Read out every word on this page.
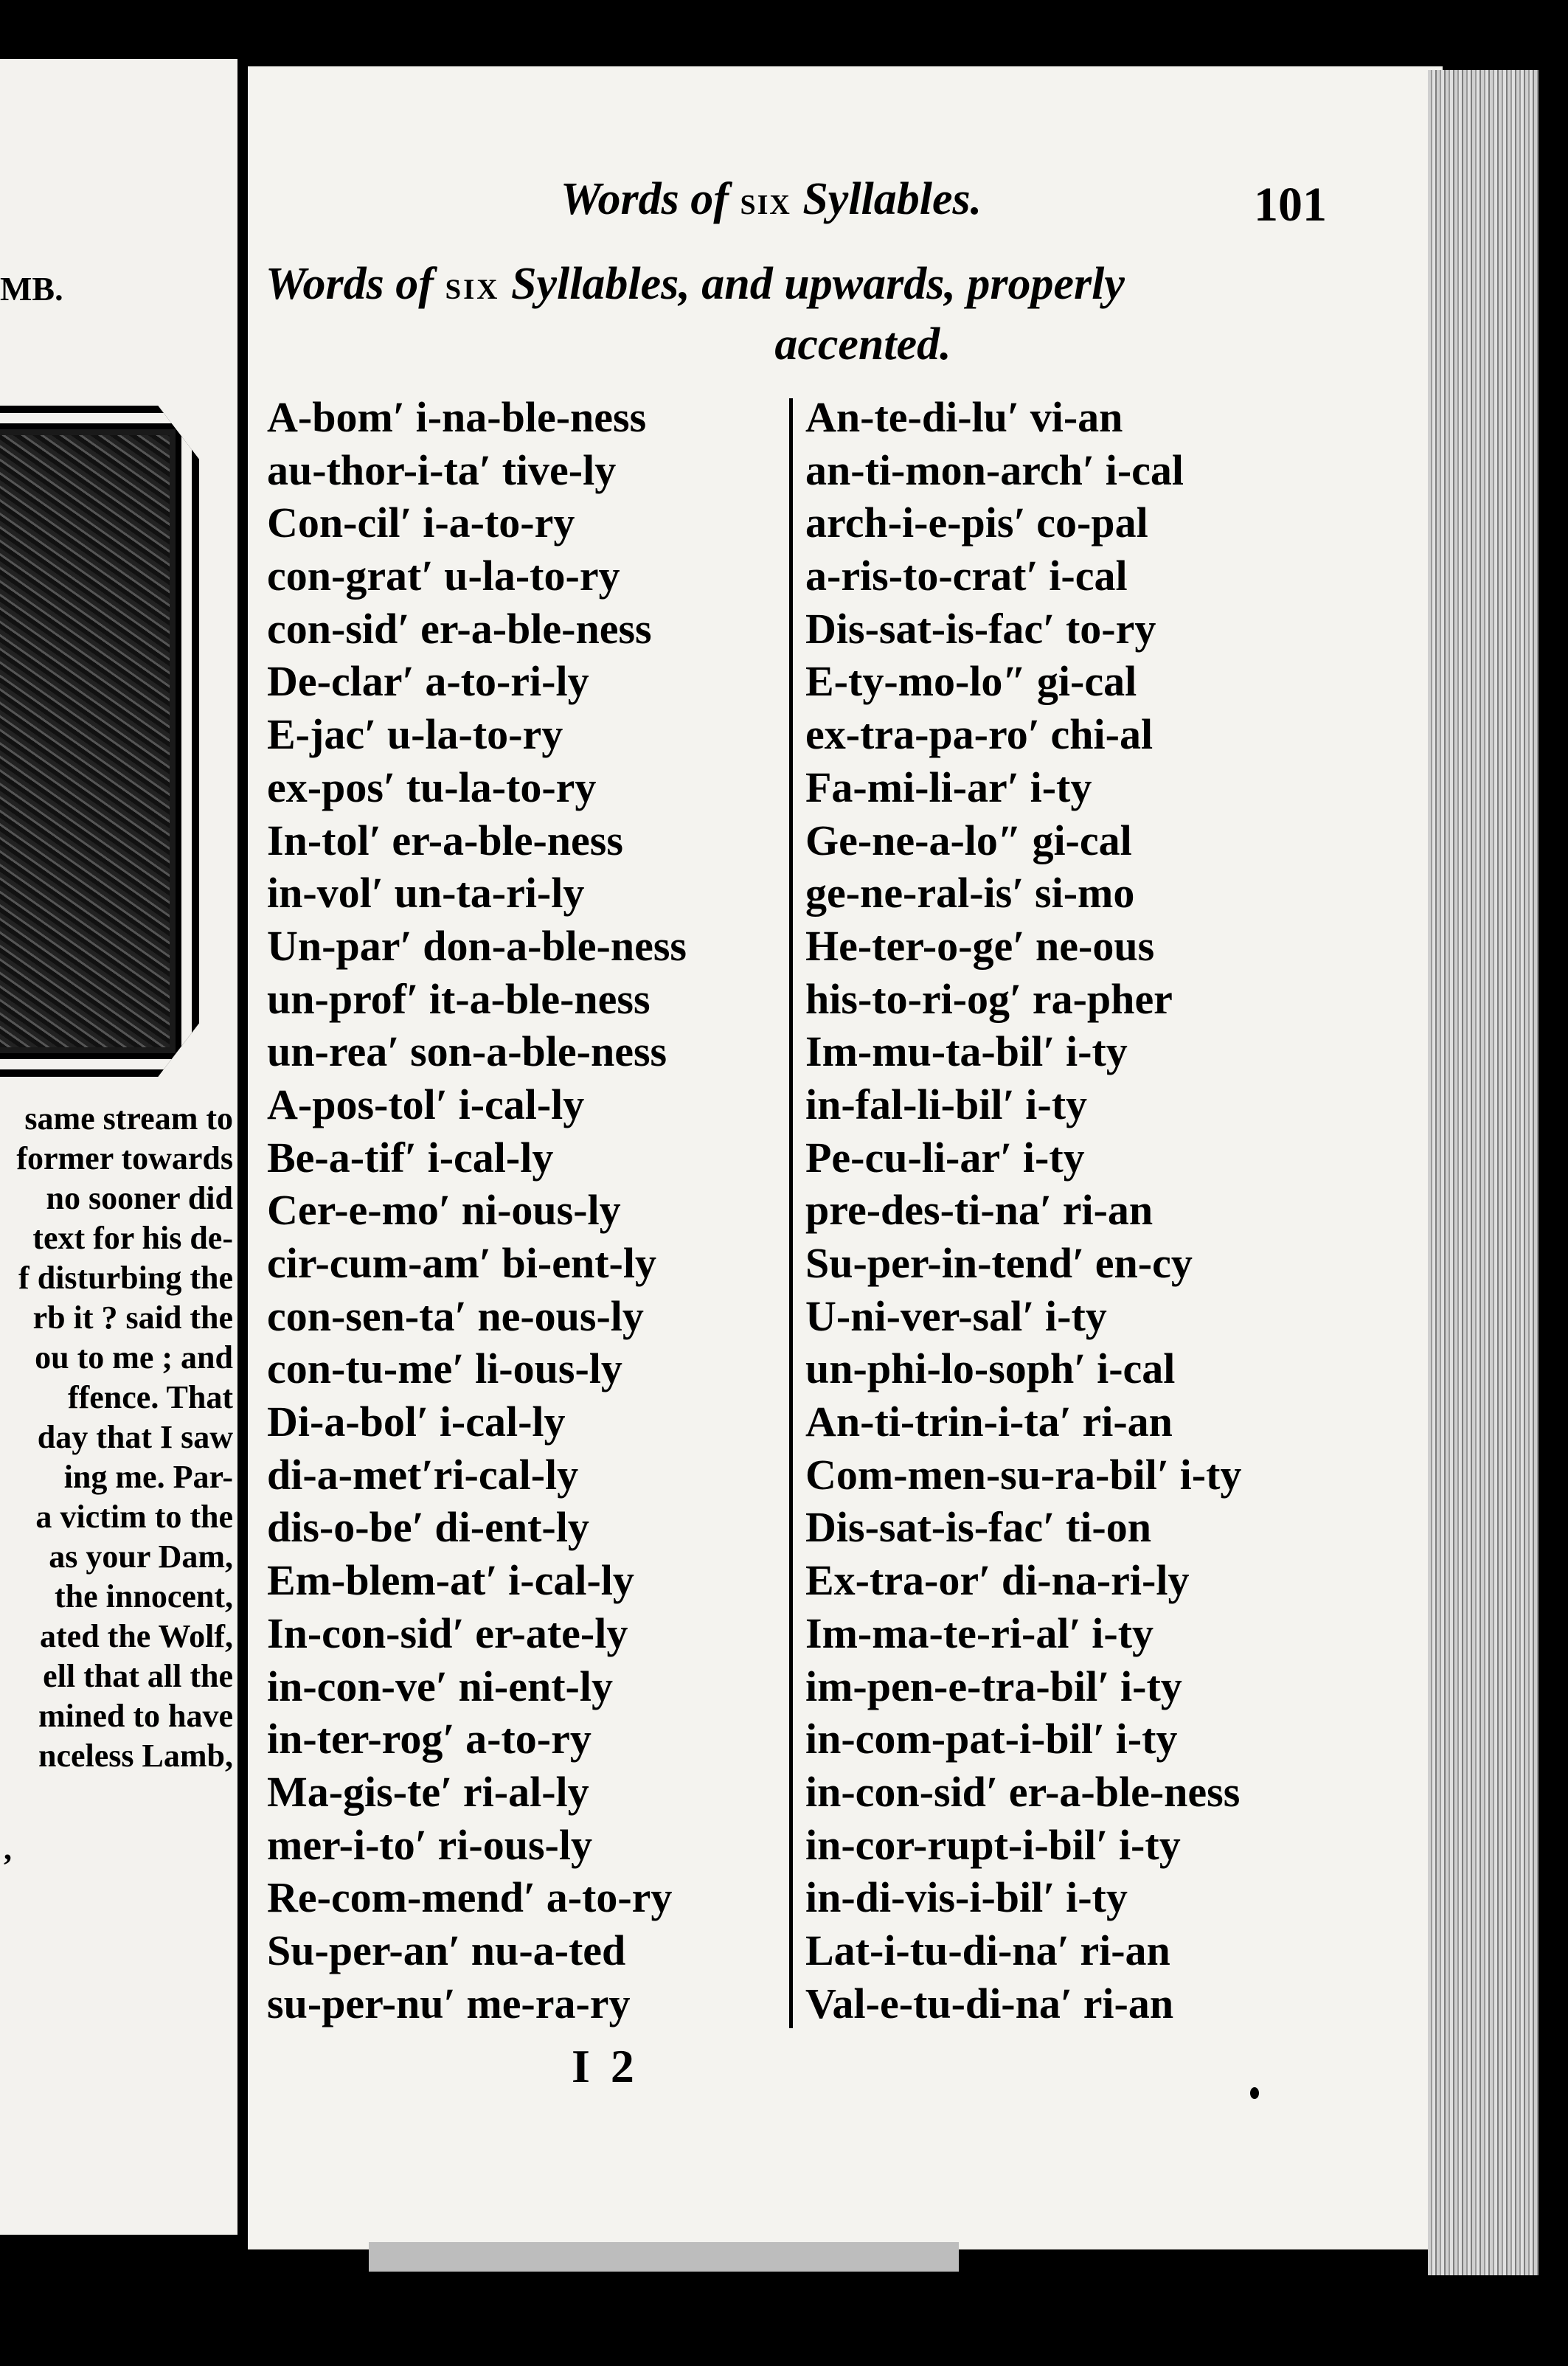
MB.
same stream to
former towards
no sooner did
text for his de-
f disturbing the
rb it ? said the
ou to me ; and
ffence. That
day that I saw
ing me. Par-
a victim to the
as your Dam,
the innocent,
ated the Wolf,
ell that all the
mined to have
nceless Lamb,
,
Words of six Syllables.	101
Words of six Syllables, and upwards, properly
accented.
A-bom′ i-na-ble-ness
au-thor-i-ta′ tive-ly
Con-cil′ i-a-to-ry
con-grat′ u-la-to-ry
con-sid′ er-a-ble-ness
De-clar′ a-to-ri-ly
E-jac′ u-la-to-ry
ex-pos′ tu-la-to-ry
In-tol′ er-a-ble-ness
in-vol′ un-ta-ri-ly
Un-par′ don-a-ble-ness
un-prof′ it-a-ble-ness
un-rea′ son-a-ble-ness
A-pos-tol′ i-cal-ly
Be-a-tif′ i-cal-ly
Cer-e-mo′ ni-ous-ly
cir-cum-am′ bi-ent-ly
con-sen-ta′ ne-ous-ly
con-tu-me′ li-ous-ly
Di-a-bol′ i-cal-ly
di-a-met′ri-cal-ly
dis-o-be′ di-ent-ly
Em-blem-at′ i-cal-ly
In-con-sid′ er-ate-ly
in-con-ve′ ni-ent-ly
in-ter-rog′ a-to-ry
Ma-gis-te′ ri-al-ly
mer-i-to′ ri-ous-ly
Re-com-mend′ a-to-ry
Su-per-an′ nu-a-ted
su-per-nu′ me-ra-ry
An-te-di-lu′ vi-an
an-ti-mon-arch′ i-cal
arch-i-e-pis′ co-pal
a-ris-to-crat′ i-cal
Dis-sat-is-fac′ to-ry
E-ty-mo-lo″ gi-cal
ex-tra-pa-ro′ chi-al
Fa-mi-li-ar′ i-ty
Ge-ne-a-lo″ gi-cal
ge-ne-ral-is′ si-mo
He-ter-o-ge′ ne-ous
his-to-ri-og′ ra-pher
Im-mu-ta-bil′ i-ty
in-fal-li-bil′ i-ty
Pe-cu-li-ar′ i-ty
pre-des-ti-na′ ri-an
Su-per-in-tend′ en-cy
U-ni-ver-sal′ i-ty
un-phi-lo-soph′ i-cal
An-ti-trin-i-ta′ ri-an
Com-men-su-ra-bil′ i-ty
Dis-sat-is-fac′ ti-on
Ex-tra-or′ di-na-ri-ly
Im-ma-te-ri-al′ i-ty
im-pen-e-tra-bil′ i-ty
in-com-pat-i-bil′ i-ty
in-con-sid′ er-a-ble-ness
in-cor-rupt-i-bil′ i-ty
in-di-vis-i-bil′ i-ty
Lat-i-tu-di-na′ ri-an
Val-e-tu-di-na′ ri-an
I 2
